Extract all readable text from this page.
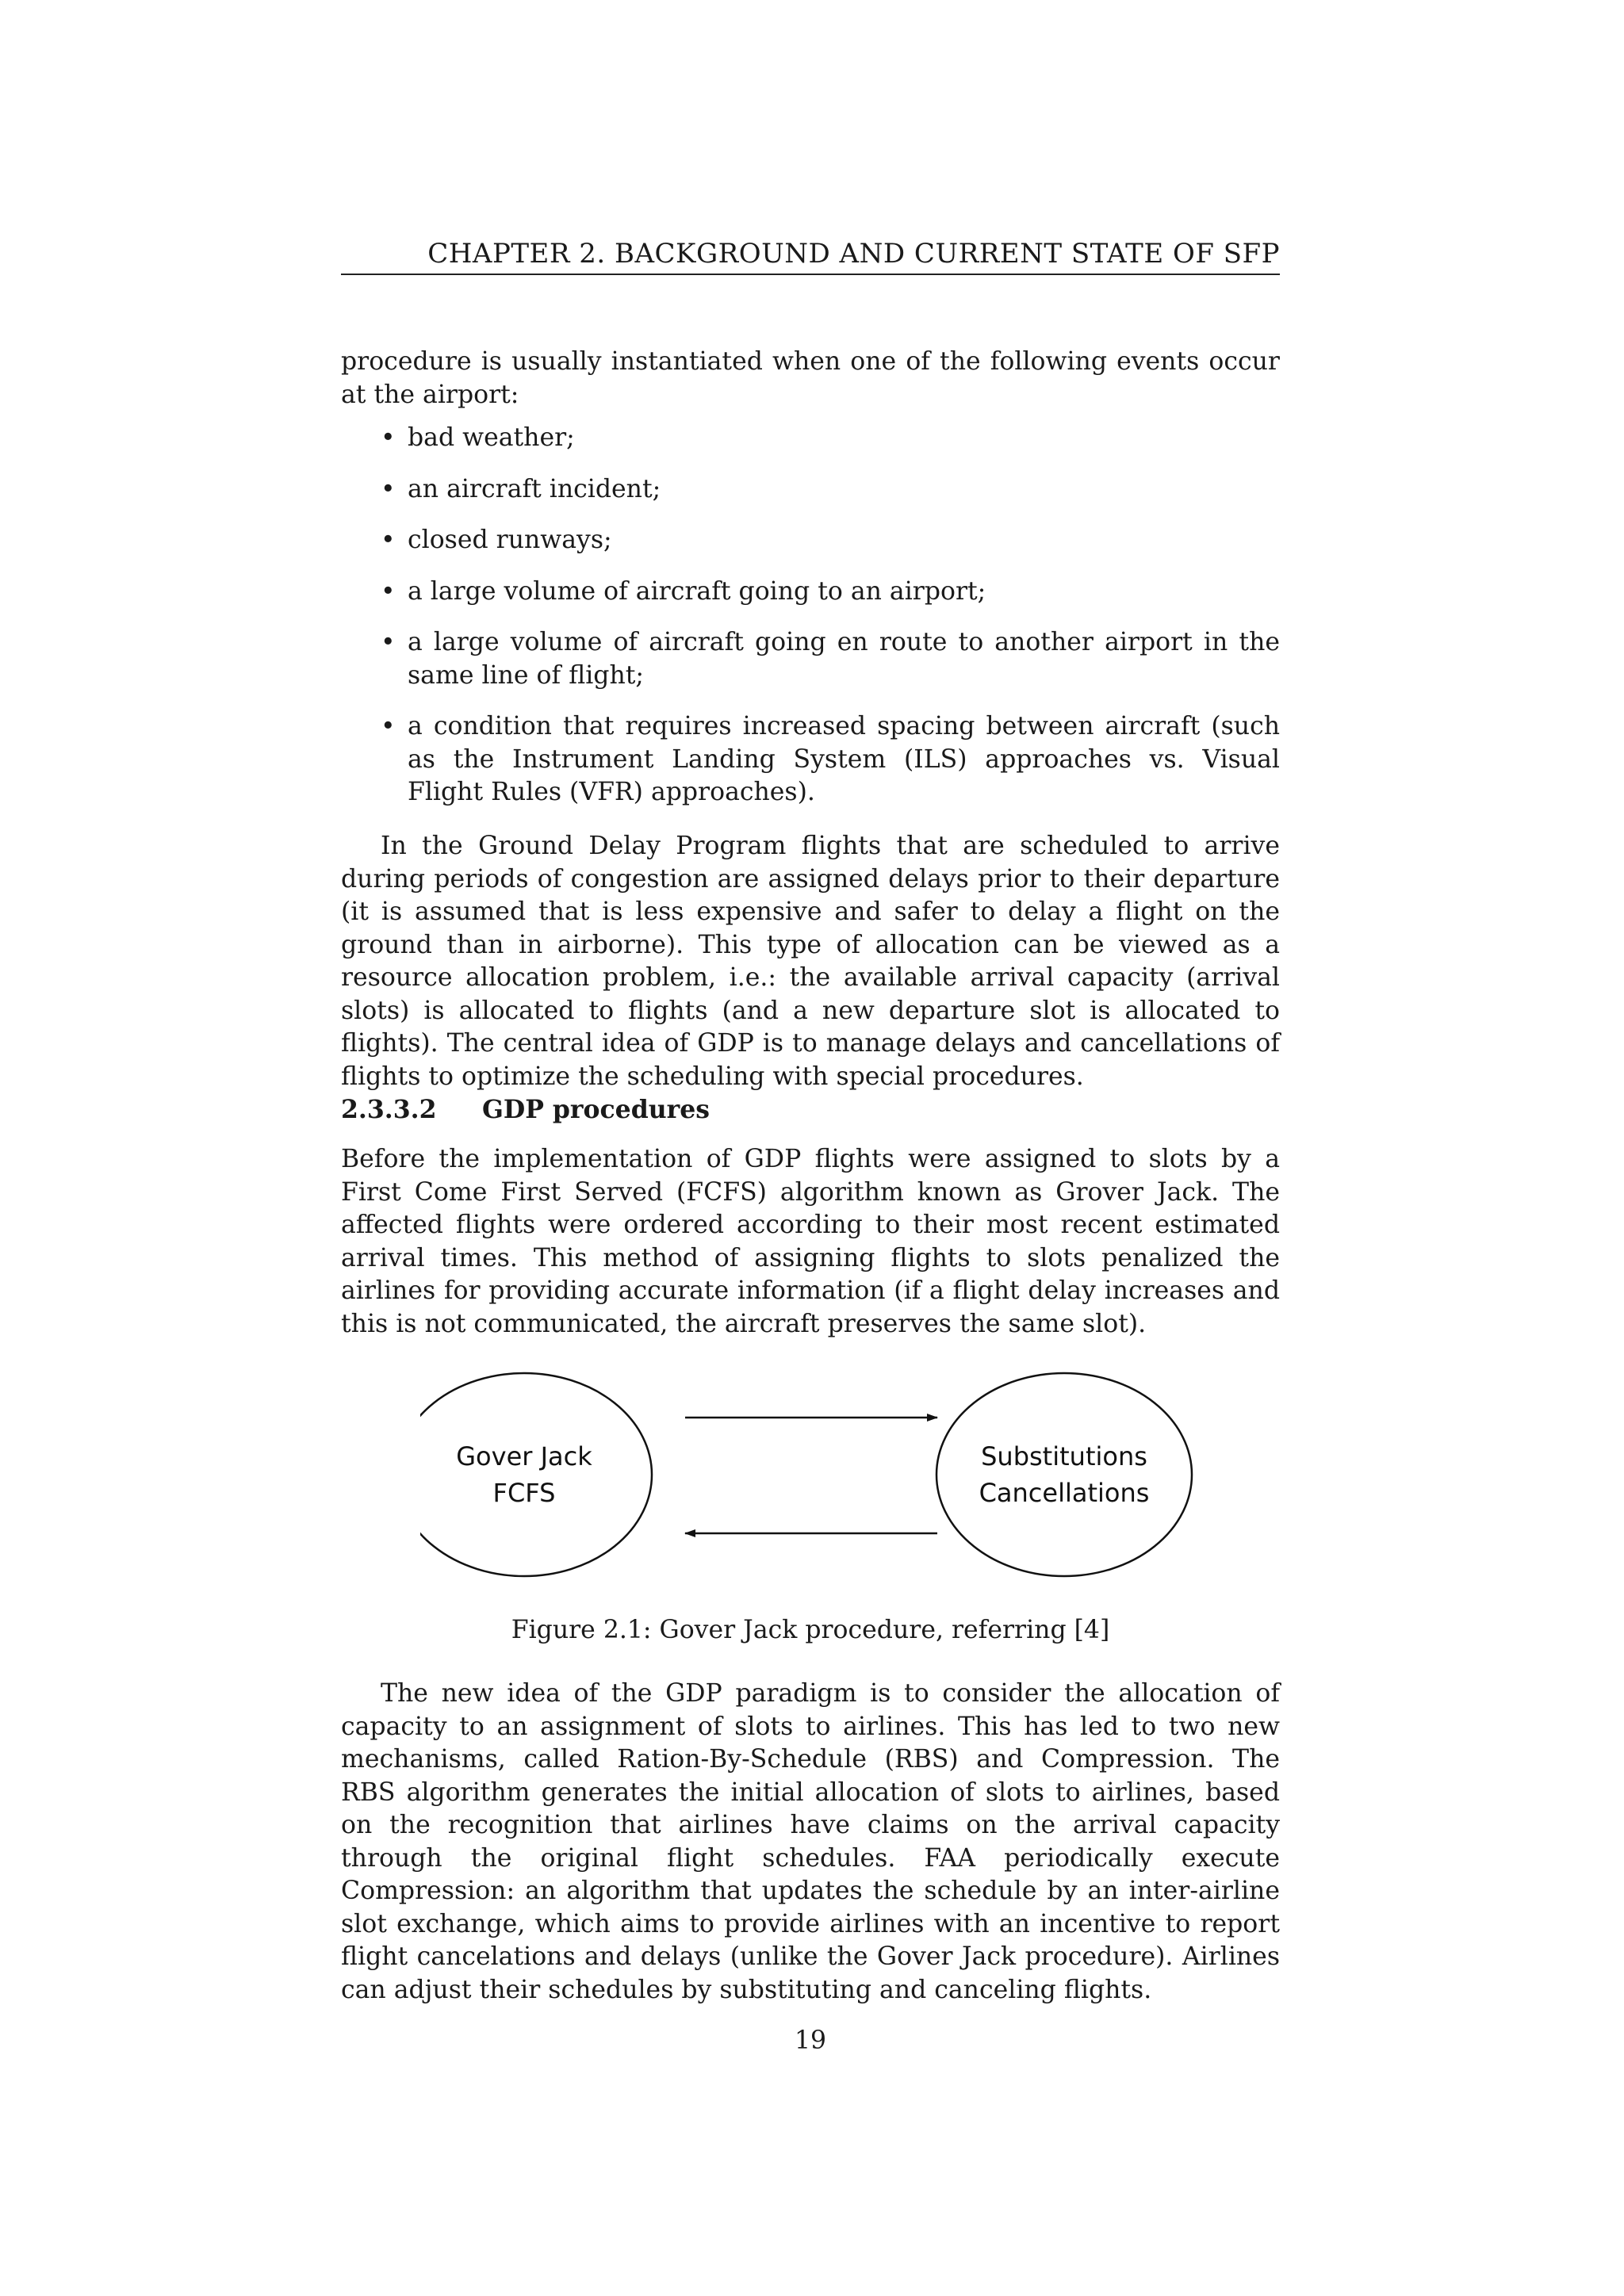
CHAPTER 2. BACKGROUND AND CURRENT STATE OF SFP

procedure is usually instantiated when one of the following events occur at the airport:

• bad weather;
• an aircraft incident;
• closed runways;
• a large volume of aircraft going to an airport;
• a large volume of aircraft going en route to another airport in the same line of flight;
• a condition that requires increased spacing between aircraft (such as the Instrument Landing System (ILS) approaches vs. Visual Flight Rules (VFR) approaches).

In the Ground Delay Program flights that are scheduled to arrive during periods of congestion are assigned delays prior to their departure (it is assumed that is less expensive and safer to delay a flight on the ground than in airborne). This type of allocation can be viewed as a resource allocation problem, i.e.: the available arrival capacity (arrival slots) is allocated to flights (and a new departure slot is allocated to flights). The central idea of GDP is to manage delays and cancellations of flights to optimize the scheduling with special procedures.

2.3.3.2 GDP procedures

Before the implementation of GDP flights were assigned to slots by a First Come First Served (FCFS) algorithm known as Grover Jack. The affected flights were ordered according to their most recent estimated arrival times. This method of assigning flights to slots penalized the airlines for providing accurate information (if a flight delay increases and this is not communicated, the aircraft preserves the same slot).

Gover Jack
FCFS
Substitutions
Cancellations
Figure 2.1: Gover Jack procedure, referring [4]

The new idea of the GDP paradigm is to consider the allocation of capacity to an assignment of slots to airlines. This has led to two new mechanisms, called Ration-By-Schedule (RBS) and Compression. The RBS algorithm generates the initial allocation of slots to airlines, based on the recognition that airlines have claims on the arrival capacity through the original flight schedules. FAA periodically execute Compression: an algorithm that updates the schedule by an inter-airline slot exchange, which aims to provide airlines with an incentive to report flight cancelations and delays (unlike the Gover Jack procedure). Airlines can adjust their schedules by substituting and canceling flights.

19
